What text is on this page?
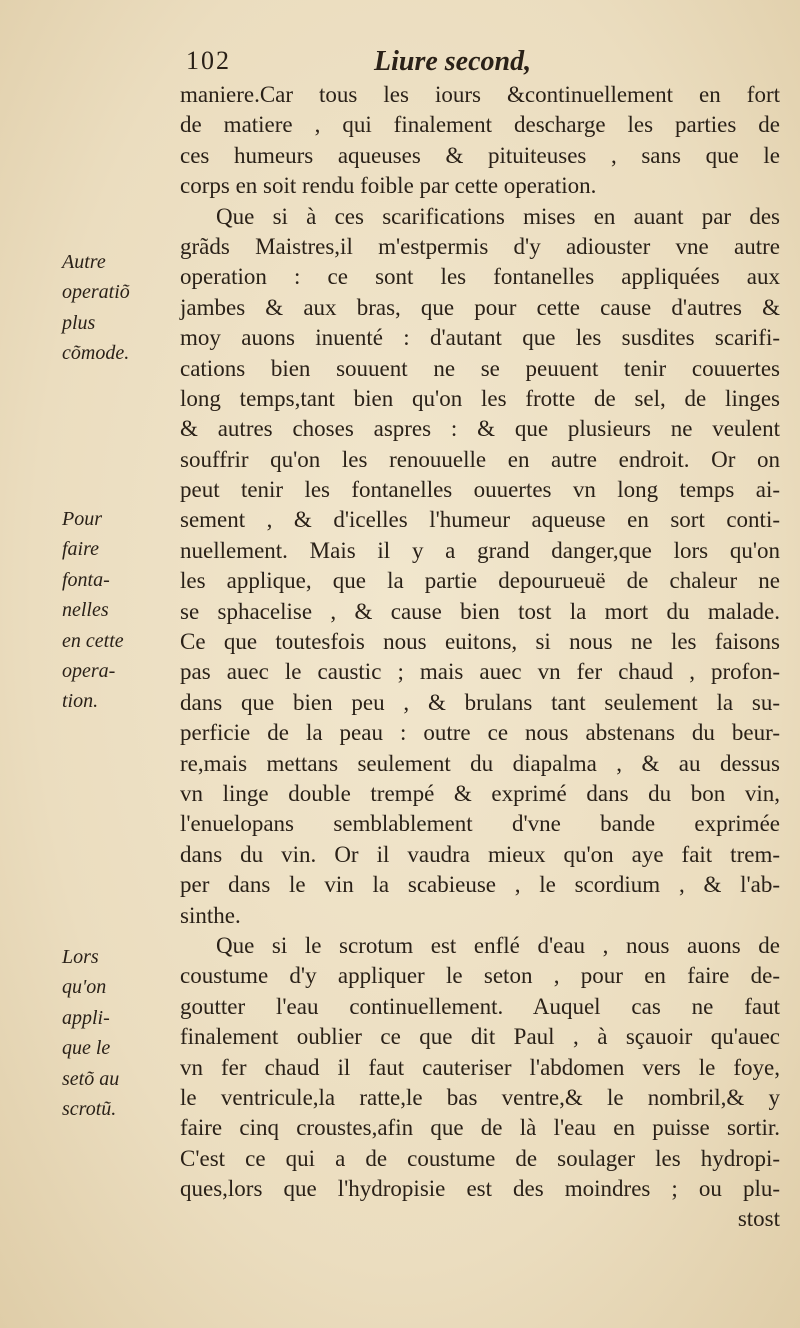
102	Liure second,
maniere.Car tous les iours &continuellement en fort
de matiere , qui finalement descharge les parties de
ces humeurs aqueuses & pituiteuses , sans que le
corps en soit rendu foible par cette operation.
Que si à ces scarifications mises en auant par des
grãds Maistres,il m'estpermis d'y adiouster vne autre
operation : ce sont les fontanelles appliquées aux
jambes & aux bras, que pour cette cause d'autres &
moy auons inuenté : d'autant que les susdites scarifi-
cations bien souuent ne se peuuent tenir couuertes
long temps,tant bien qu'on les frotte de sel, de linges
& autres choses aspres : & que plusieurs ne veulent
souffrir qu'on les renouuelle en autre endroit. Or on
peut tenir les fontanelles ouuertes vn long temps ai-
sement , & d'icelles l'humeur aqueuse en sort conti-
nuellement. Mais il y a grand danger,que lors qu'on
les applique, que la partie depourueuë de chaleur ne
se sphacelise , & cause bien tost la mort du malade.
Ce que toutesfois nous euitons, si nous ne les faisons
pas auec le caustic ; mais auec vn fer chaud , profon-
dans que bien peu , & brulans tant seulement la su-
perficie de la peau : outre ce nous abstenans du beur-
re,mais mettans seulement du diapalma , & au dessus
vn linge double trempé & exprimé dans du bon vin,
l'enuelopans semblablement d'vne bande exprimée
dans du vin. Or il vaudra mieux qu'on aye fait trem-
per dans le vin la scabieuse , le scordium , & l'ab-
sinthe.
Que si le scrotum est enflé d'eau , nous auons de
coustume d'y appliquer le seton , pour en faire de-
goutter l'eau continuellement. Auquel cas ne faut
finalement oublier ce que dit Paul , à sçauoir qu'auec
vn fer chaud il faut cauteriser l'abdomen vers le foye,
le ventricule,la ratte,le bas ventre,& le nombril,& y
faire cinq croustes,afin que de là l'eau en puisse sortir.
C'est ce qui a de coustume de soulager les hydropi-
ques,lors que l'hydropisie est des moindres ; ou plu-
stost
Autre
operatiõ
plus
cõmode.
Pour
faire
fonta-
nelles
en cette
opera-
tion.
Lors
qu'on
appli-
que le
setõ au
scrotũ.
